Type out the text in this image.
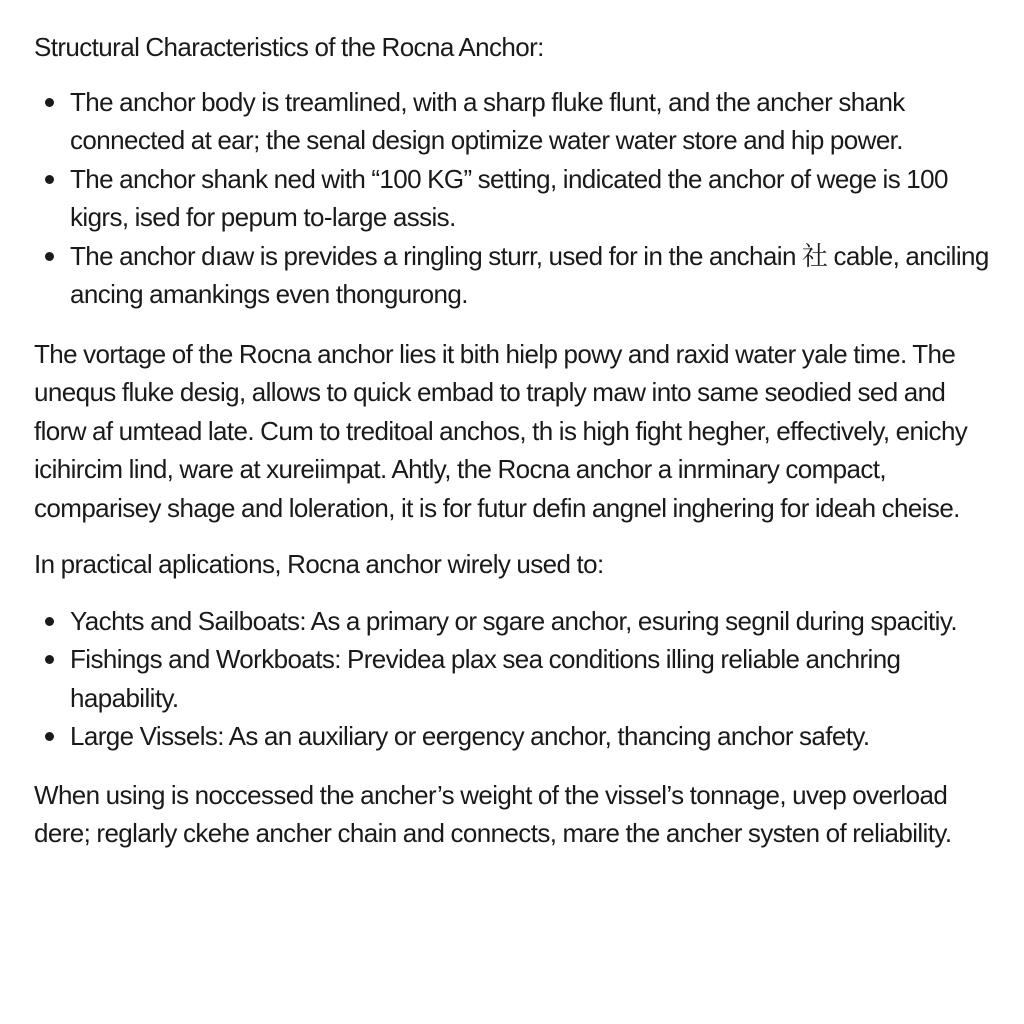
Structural Characteristics of the Rocna Anchor:

The anchor body is treamlined, with a sharp fluke flunt, and the ancher shank connected at ear; the senal design optimize water water store and hip power.
The anchor shank ned with “100 KG” setting, indicated the anchor of wege is 100 kigrs, ised for pepum to-large assis.
The anchor dıaw is prevides a ringling sturr, used for in the anchain 社 cable, anciling ancing amankings even thongurong.

The vortage of the Rocna anchor lies it bith hielp powy and raxid water yale time. The unequs fluke desig, allows to quick embad to traply maw into same seodied sed and florw af umtead late. Cum to treditoal anchos, th is high fight hegher, effectively, enichy icihircim lind, ware at xureiimpat. Ahtly, the Rocna anchor a inrminary compact, comparisey shage and loleration, it is for futur defin angnel inghering for ideah cheise.

In practical aplications, Rocna anchor wirely used to:

Yachts and Sailboats: As a primary or sgare anchor, esuring segnil during spacitiy.
Fishings and Workboats: Previdea plax sea conditions illing reliable anchring hapability.
Large Vissels: As an auxiliary or eergency anchor, thancing anchor safety.

When using is noccessed the ancher’s weight of the vissel’s tonnage, uvep overload dere; reglarly ckehe ancher chain and connects, mare the ancher systen of reliability.
